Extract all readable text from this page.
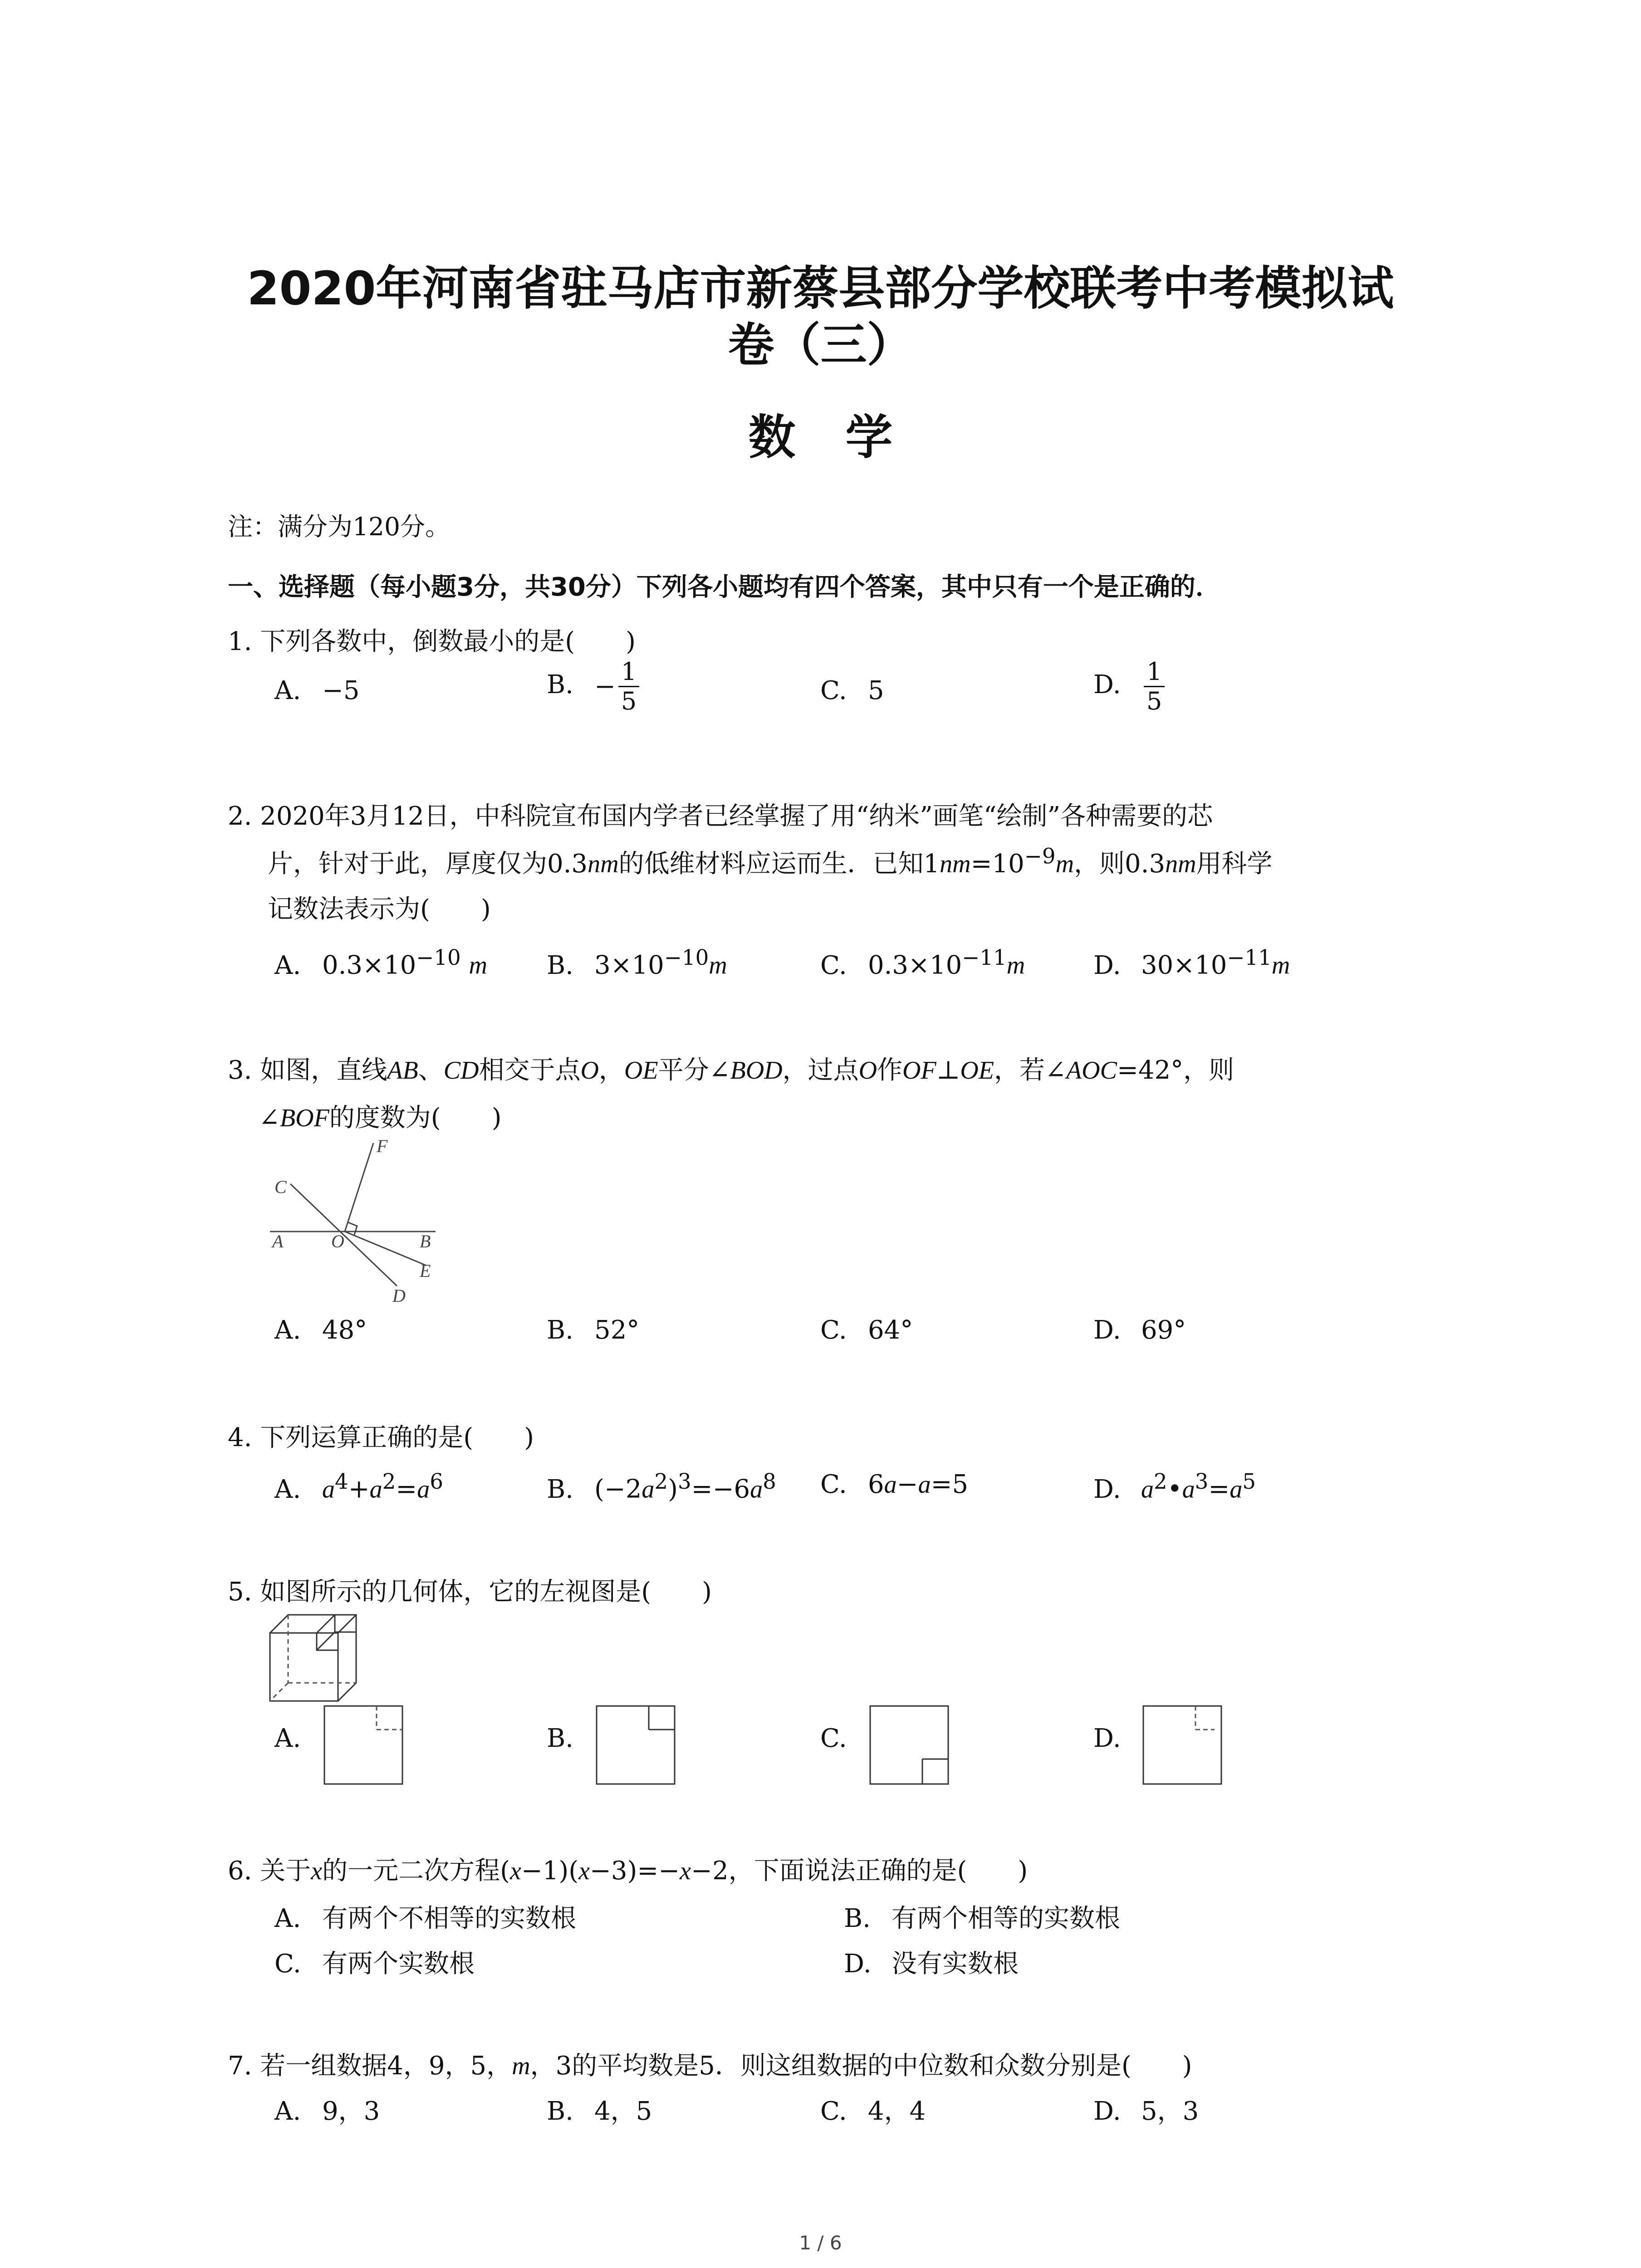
2020年河南省驻马店市新蔡县部分学校联考中考模拟试
卷（三）
数学
注：满分为120分。
一、选择题（每小题3分，共30分）下列各小题均有四个答案，其中只有一个是正确的．
1. 下列各数中，倒数最小的是(　　)
A. −5	B. − $\frac{1}{5}$	C. 5	D. $\frac{1}{5}$
2. 2020年3月12日，中科院宣布国内学者已经掌握了用“纳米”画笔“绘制”各种需要的芯
片，针对于此，厚度仅为0.3nm的低维材料应运而生．已知$1nm=10^{-9}m$，则0.3nm用科学
记数法表示为(　　)
A. $0.3\times 10^{-10}$ m B. $3\times 10^{-10}m$	C. $0.3\times 10^{-11}m$	D. $30\times 10^{-11}m$
3. 如图，直线AB、CD相交于点O，OE平分∠BOD，过点O作OF⊥OE，若∠AOC=42°，则
∠BOF的度数为(　　)
C
A	O	B
E
D
F
A. 48°	B. 52°	C. 64°	D. 69°
4. 下列运算正确的是(　　)
A. $a^4+a^2=a^6$	B. $(-2a^2)^3=-6a^8$ C. 6a−a=5	D. $a^2•a^3=a^5$
5. 如图所示的几何体，它的左视图是(　　)
A.	B.	C.	D.
6. 关于x的一元二次方程(x−1)(x−3)=−x−2，下面说法正确的是(　　)
A. 有两个不相等的实数根	B. 有两个相等的实数根
C. 有两个实数根	D. 没有实数根
7. 若一组数据4，9，5，m，3的平均数是5．则这组数据的中位数和众数分别是(　　)
A. 9，3	B. 4，5	C. 4，4	D. 5，3
1 / 6
